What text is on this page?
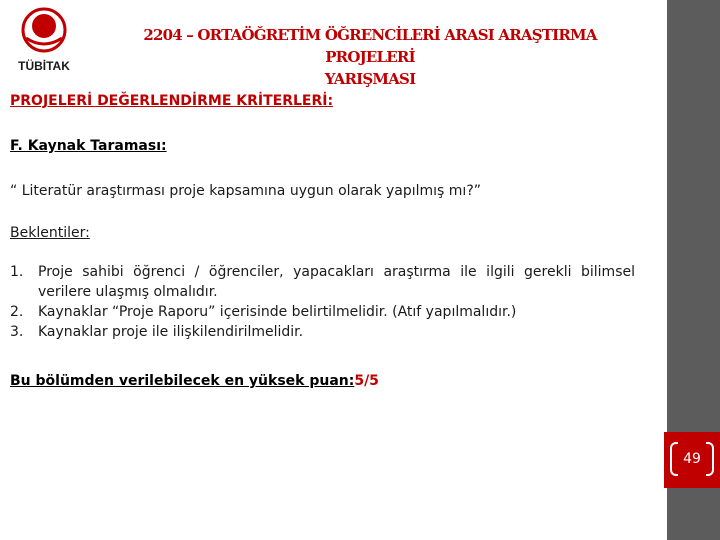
TÜBİTAK
2204 – ORTAÖĞRETİM ÖĞRENCİLERİ ARASI ARAŞTIRMA PROJELERİ
YARIŞMASI
PROJELERİ DEĞERLENDİRME KRİTERLERİ:
F. Kaynak Taraması:
“ Literatür araştırması proje kapsamına uygun olarak yapılmış mı?”
Beklentiler:
1. Proje sahibi öğrenci / öğrenciler, yapacakları araştırma ile ilgili gerekli bilimsel verilere ulaşmış olmalıdır.
2. Kaynaklar “Proje Raporu” içerisinde belirtilmelidir. (Atıf yapılmalıdır.)
3. Kaynaklar proje ile ilişkilendirilmelidir.
Bu bölümden verilebilecek en yüksek puan:5/5
49
